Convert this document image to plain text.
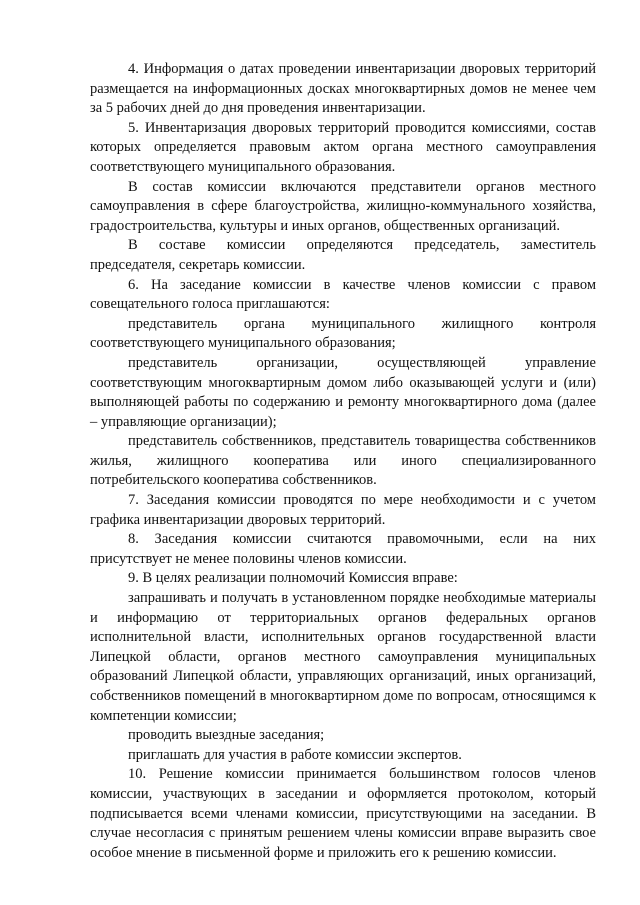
4. Информация о датах проведении инвентаризации дворовых территорий размещается на информационных досках многоквартирных домов не менее чем за 5 рабочих дней до дня проведения инвентаризации.

5. Инвентаризация дворовых территорий проводится комиссиями, состав которых определяется правовым актом органа местного самоуправления соответствующего муниципального образования.

В состав комиссии включаются представители органов местного самоуправления в сфере благоустройства, жилищно-коммунального хозяйства, градостроительства, культуры и иных органов, общественных организаций.

В составе комиссии определяются председатель, заместитель председателя, секретарь комиссии.

6. На заседание комиссии в качестве членов комиссии с правом совещательного голоса приглашаются:

представитель органа муниципального жилищного контроля соответствующего муниципального образования;

представитель организации, осуществляющей управление соответствующим многоквартирным домом либо оказывающей услуги и (или) выполняющей работы по содержанию и ремонту многоквартирного дома (далее – управляющие организации);

представитель собственников, представитель товарищества собственников жилья, жилищного кооператива или иного специализированного потребительского кооператива собственников.

7. Заседания комиссии проводятся по мере необходимости и с учетом графика инвентаризации дворовых территорий.

8. Заседания комиссии считаются правомочными, если на них присутствует не менее половины членов комиссии.

9. В целях реализации полномочий Комиссия вправе:

запрашивать и получать в установленном порядке необходимые материалы и информацию от территориальных органов федеральных органов исполнительной власти, исполнительных органов государственной власти Липецкой области, органов местного самоуправления муниципальных образований Липецкой области, управляющих организаций, иных организаций, собственников помещений в многоквартирном доме по вопросам, относящимся к компетенции комиссии;

проводить выездные заседания;

приглашать для участия в работе комиссии экспертов.

10. Решение комиссии принимается большинством голосов членов комиссии, участвующих в заседании и оформляется протоколом, который подписывается всеми членами комиссии, присутствующими на заседании. В случае несогласия с принятым решением члены комиссии вправе выразить свое особое мнение в письменной форме и приложить его к решению комиссии.
